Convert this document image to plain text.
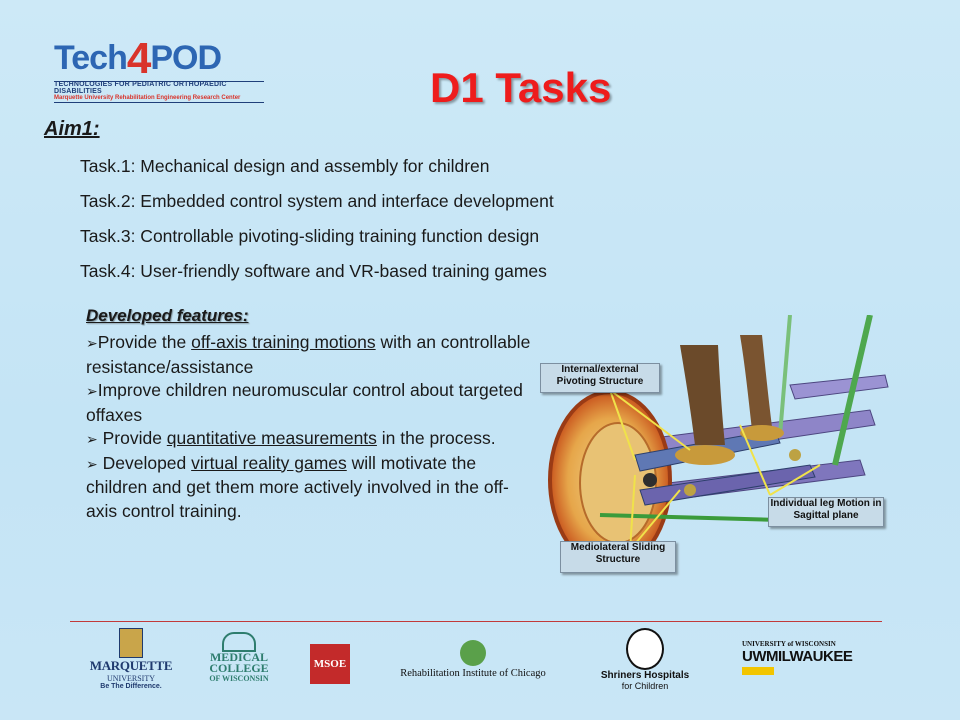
Tech4POD
TECHNOLOGIES FOR PEDIATRIC ORTHOPAEDIC DISABILITIES
Marquette University Rehabilitation Engineering Research Center	D1 Tasks
Aim1:
Task.1: Mechanical design and assembly for children
Task.2: Embedded control system and interface development
Task.3: Controllable pivoting-sliding training function design
Task.4: User-friendly software and VR-based training games
Developed features:

➢Provide the off-axis training motions with an controllable resistance/assistance

➢Improve children neuromuscular control about targeted offaxes

➢ Provide quantitative measurements in the process.

➢ Developed virtual reality games will motivate the children and get them more actively involved in the off-axis control training.

Internal/external Pivoting Structure
Individual leg Motion in Sagittal plane
Mediolateral Sliding Structure
MARQUETTE
UNIVERSITY
Be The Difference.
MEDICAL
COLLEGE
OF WISCONSIN
MSOE
Rehabilitation Institute of Chicago	Shriners Hospitals
for Children
UNIVERSITY of WISCONSIN
UWMILWAUKEE
